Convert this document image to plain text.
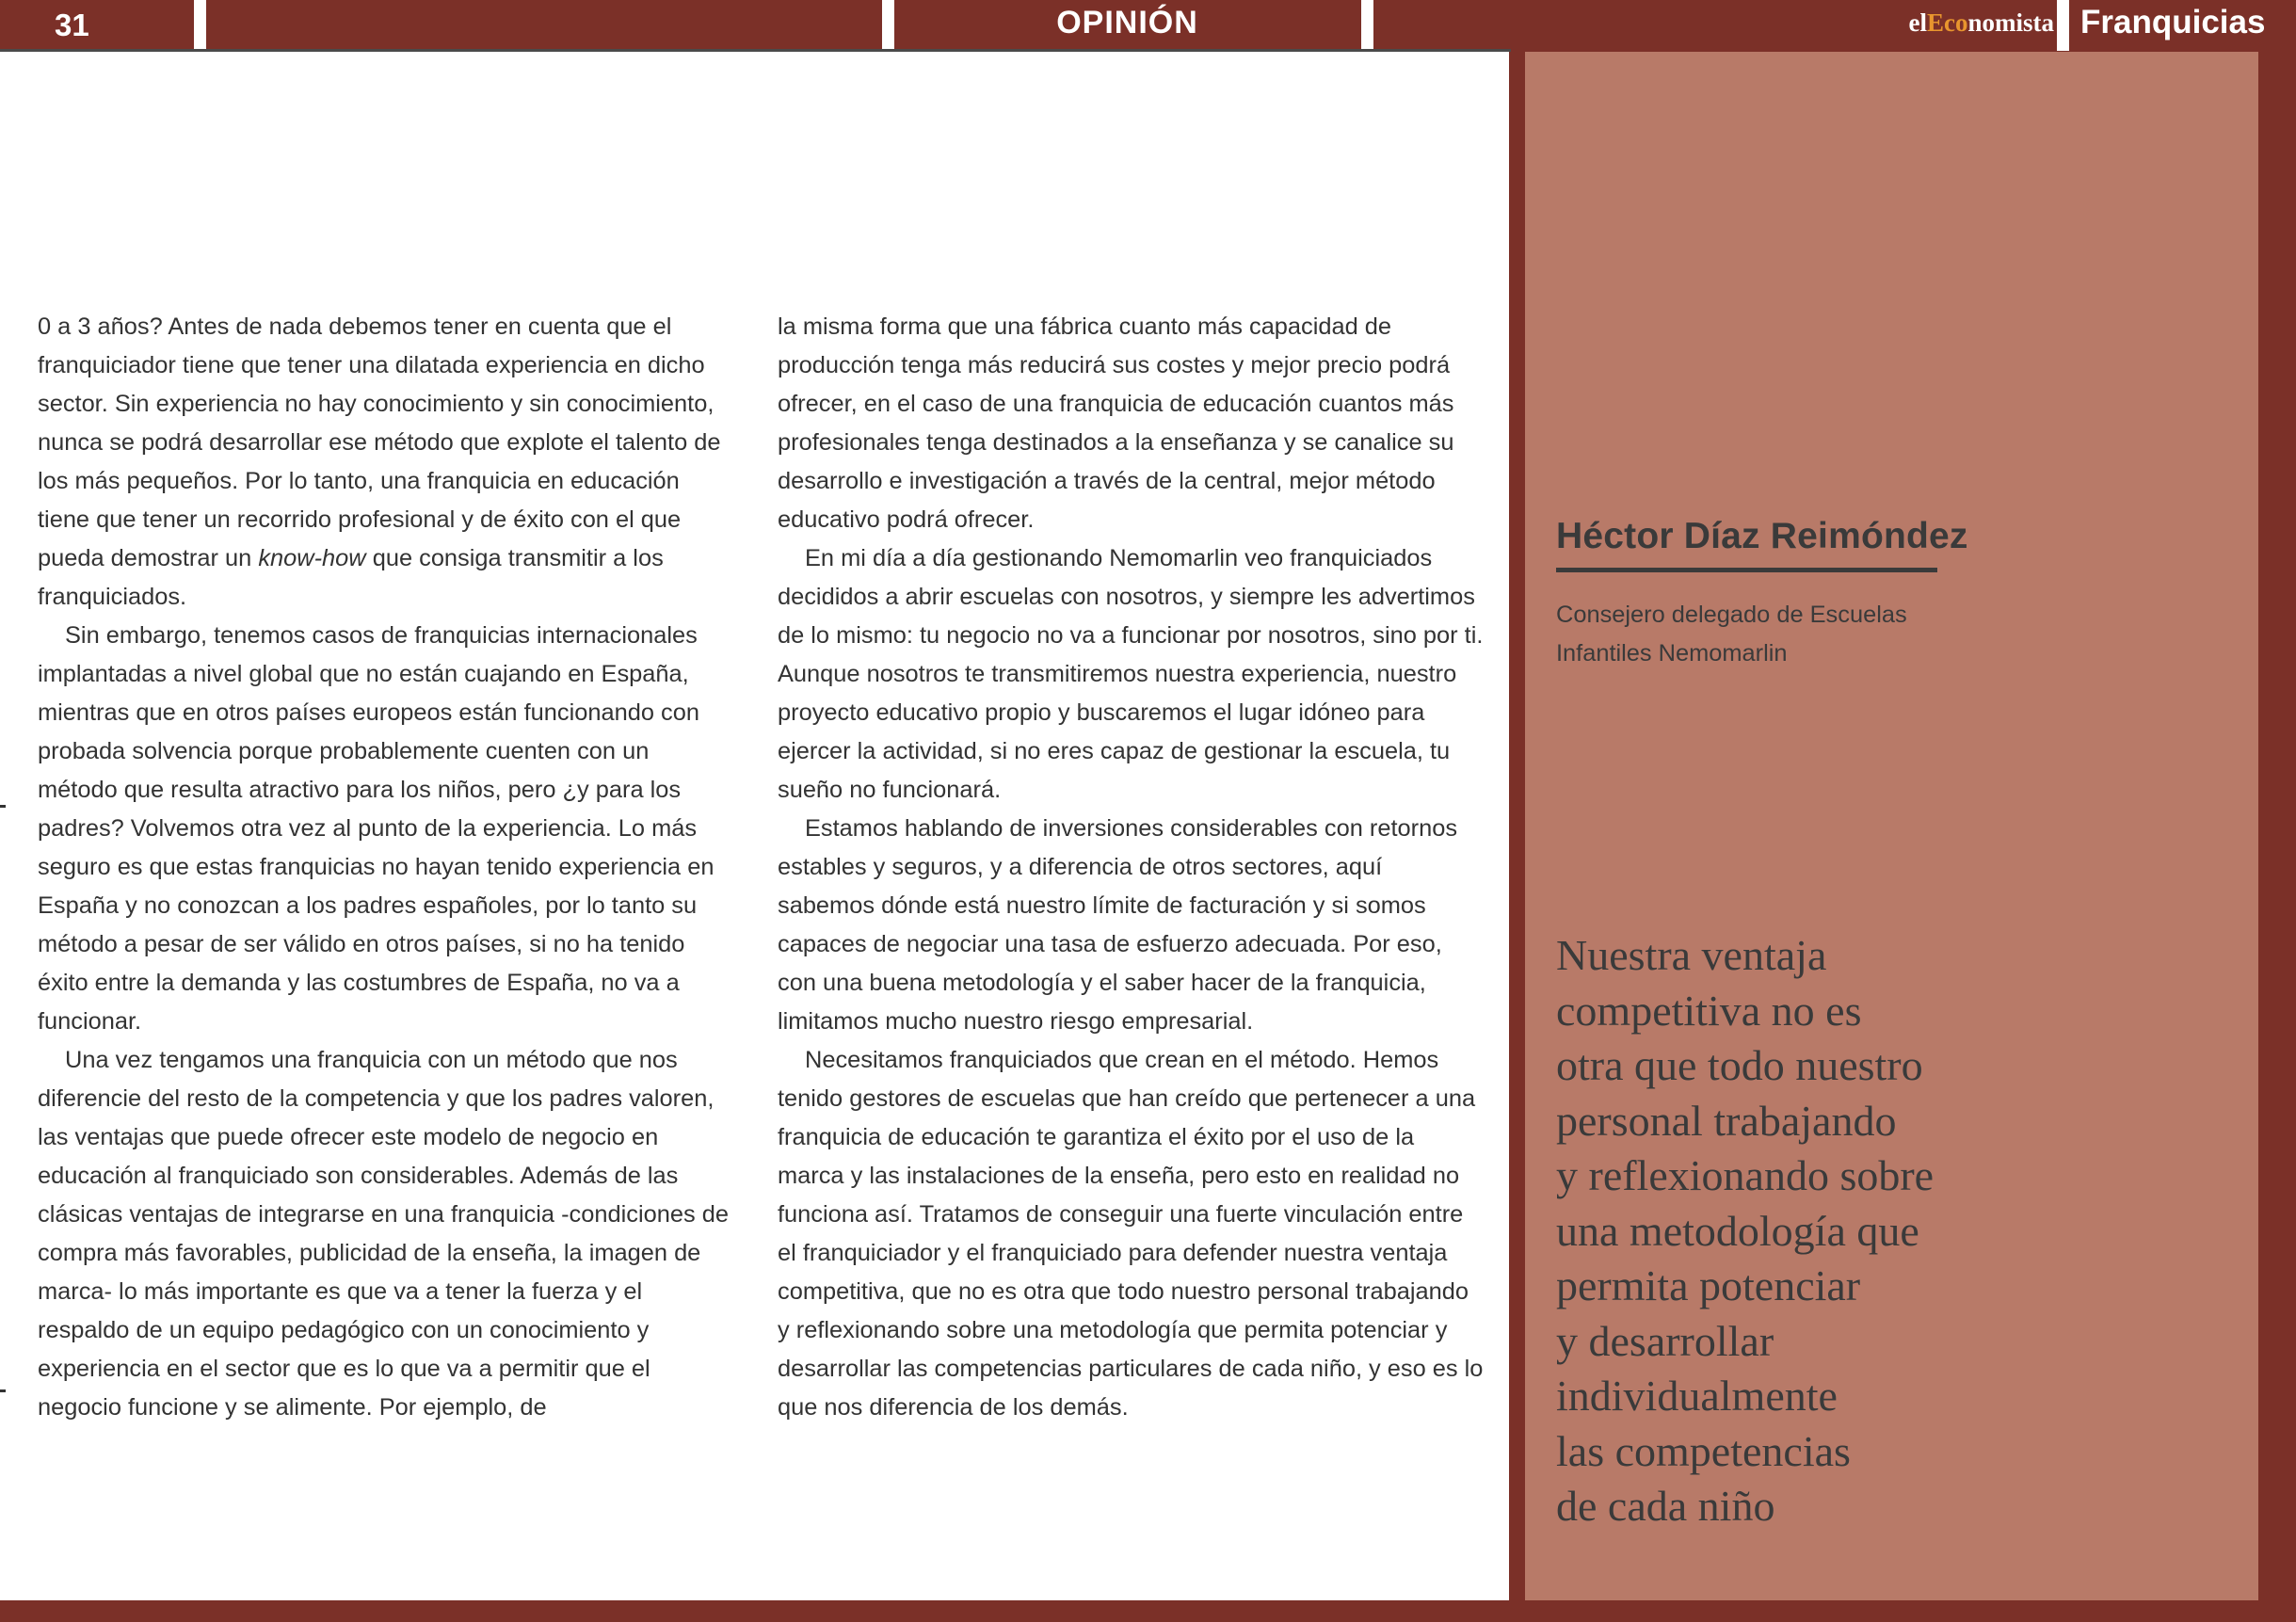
31	OPINIÓN	elEconomista Franquicias

0 a 3 años? Antes de nada debemos tener en cuenta que el franquiciador tiene que tener una dilatada experiencia en dicho sector. Sin experiencia no hay conocimiento y sin conocimiento, nunca se podrá desarrollar ese método que explote el talento de los más pequeños. Por lo tanto, una franquicia en educación tiene que tener un recorrido profesional y de éxito con el que pueda demostrar un know-how que consiga transmitir a los franquiciados.

Sin embargo, tenemos casos de franquicias internacionales implantadas a nivel global que no están cuajando en España, mientras que en otros países europeos están funcionando con probada solvencia porque probablemente cuenten con un método que resulta atractivo para los niños, pero ¿y para los padres? Volvemos otra vez al punto de la experiencia. Lo más seguro es que estas franquicias no hayan tenido experiencia en España y no conozcan a los padres españoles, por lo tanto su método a pesar de ser válido en otros países, si no ha tenido éxito entre la demanda y las costumbres de España, no va a funcionar.

Una vez tengamos una franquicia con un método que nos diferencie del resto de la competencia y que los padres valoren, las ventajas que puede ofrecer este modelo de negocio en educación al franquiciado son considerables. Además de las clásicas ventajas de integrarse en una franquicia -condiciones de compra más favorables, publicidad de la enseña, la imagen de marca- lo más importante es que va a tener la fuerza y el respaldo de un equipo pedagógico con un conocimiento y experiencia en el sector que es lo que va a permitir que el negocio funcione y se alimente. Por ejemplo, de

la misma forma que una fábrica cuanto más capacidad de producción tenga más reducirá sus costes y mejor precio podrá ofrecer, en el caso de una franquicia de educación cuantos más profesionales tenga destinados a la enseñanza y se canalice su desarrollo e investigación a través de la central, mejor método educativo podrá ofrecer.

En mi día a día gestionando Nemomarlin veo franquiciados decididos a abrir escuelas con nosotros, y siempre les advertimos de lo mismo: tu negocio no va a funcionar por nosotros, sino por ti. Aunque nosotros te transmitiremos nuestra experiencia, nuestro proyecto educativo propio y buscaremos el lugar idóneo para ejercer la actividad, si no eres capaz de gestionar la escuela, tu sueño no funcionará.

Estamos hablando de inversiones considerables con retornos estables y seguros, y a diferencia de otros sectores, aquí sabemos dónde está nuestro límite de facturación y si somos capaces de negociar una tasa de esfuerzo adecuada. Por eso, con una buena metodología y el saber hacer de la franquicia, limitamos mucho nuestro riesgo empresarial.

Necesitamos franquiciados que crean en el método. Hemos tenido gestores de escuelas que han creído que pertenecer a una franquicia de educación te garantiza el éxito por el uso de la marca y las instalaciones de la enseña, pero esto en realidad no funciona así. Tratamos de conseguir una fuerte vinculación entre el franquiciador y el franquiciado para defender nuestra ventaja competitiva, que no es otra que todo nuestro personal trabajando y reflexionando sobre una metodología que permita potenciar y desarrollar las competencias particulares de cada niño, y eso es lo que nos diferencia de los demás.

Héctor Díaz Reimóndez
Consejero delegado de Escuelas Infantiles Nemomarlin
Nuestra ventaja
competitiva no es
otra que todo nuestro
personal trabajando
y reflexionando sobre
una metodología que
permita potenciar
y desarrollar
individualmente
las competencias
de cada niño
